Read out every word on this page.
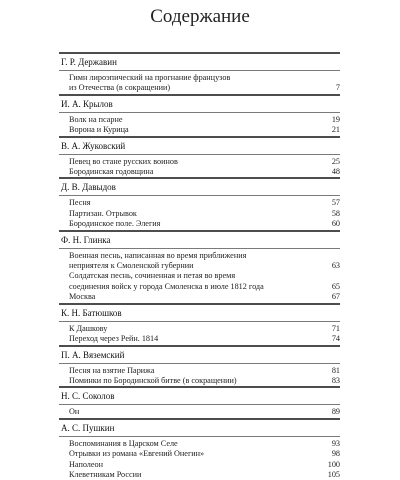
Содержание
Г. Р. Державин
Гимн лироэпический на прогнание французов
из Отечества (в сокращении)	7
И. А. Крылов
Волк на псарне	19
Ворона и Курица	21
В. А. Жуковский
Певец во стане русских воинов	25
Бородинская годовщина	48
Д. В. Давыдов
Песня	57
Партизан. Отрывок	58
Бородинское поле. Элегия	60
Ф. Н. Глинка
Военная песнь, написанная во время приближения
неприятеля к Смоленской губернии	63
Солдатская песнь, сочиненная и петая во время
соединения войск у города Смоленска в июле 1812 года	65
Москва	67
К. Н. Батюшков
К Дашкову	71
Переход через Рейн. 1814	74
П. А. Вяземский
Песня на взятие Парижа	81
Поминки по Бородинской битве (в сокращении)	83
Н. С. Соколов
Он	89
А. С. Пушкин
Воспоминания в Царском Селе	93
Отрывки из романа «Евгений Онегин»	98
Наполеон	100
Клеветникам России	105
